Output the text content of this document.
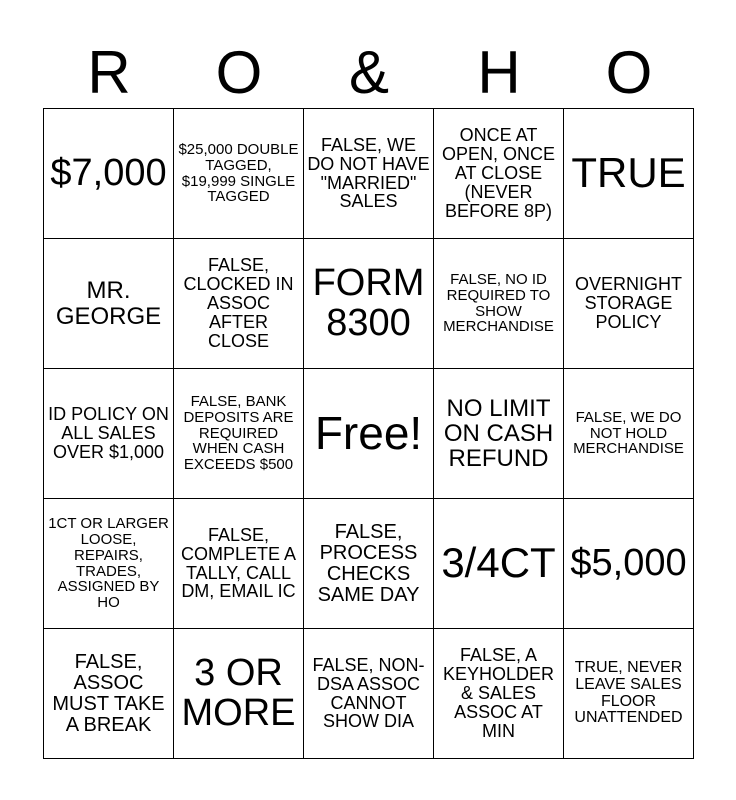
R	O	&	H	O
$7,000	$25,000 DOUBLE TAGGED, $19,999 SINGLE TAGGED	FALSE, WE DO NOT HAVE "MARRIED" SALES	ONCE AT OPEN, ONCE AT CLOSE (NEVER BEFORE 8P)	TRUE
MR. GEORGE	FALSE, CLOCKED IN ASSOC AFTER CLOSE	FORM 8300	FALSE, NO ID REQUIRED TO SHOW MERCHANDISE	OVERNIGHT STORAGE POLICY
ID POLICY ON ALL SALES OVER $1,000	FALSE, BANK DEPOSITS ARE REQUIRED WHEN CASH EXCEEDS $500	Free!	NO LIMIT ON CASH REFUND	FALSE, WE DO NOT HOLD MERCHANDISE
1CT OR LARGER LOOSE, REPAIRS, TRADES, ASSIGNED BY HO	FALSE, COMPLETE A TALLY, CALL DM, EMAIL IC	FALSE, PROCESS CHECKS SAME DAY	3/4CT	$5,000
FALSE, ASSOC MUST TAKE A BREAK	3 OR MORE	FALSE, NON-DSA ASSOC CANNOT SHOW DIA	FALSE, A KEYHOLDER & SALES ASSOC AT MIN	TRUE, NEVER LEAVE SALES FLOOR UNATTENDED
